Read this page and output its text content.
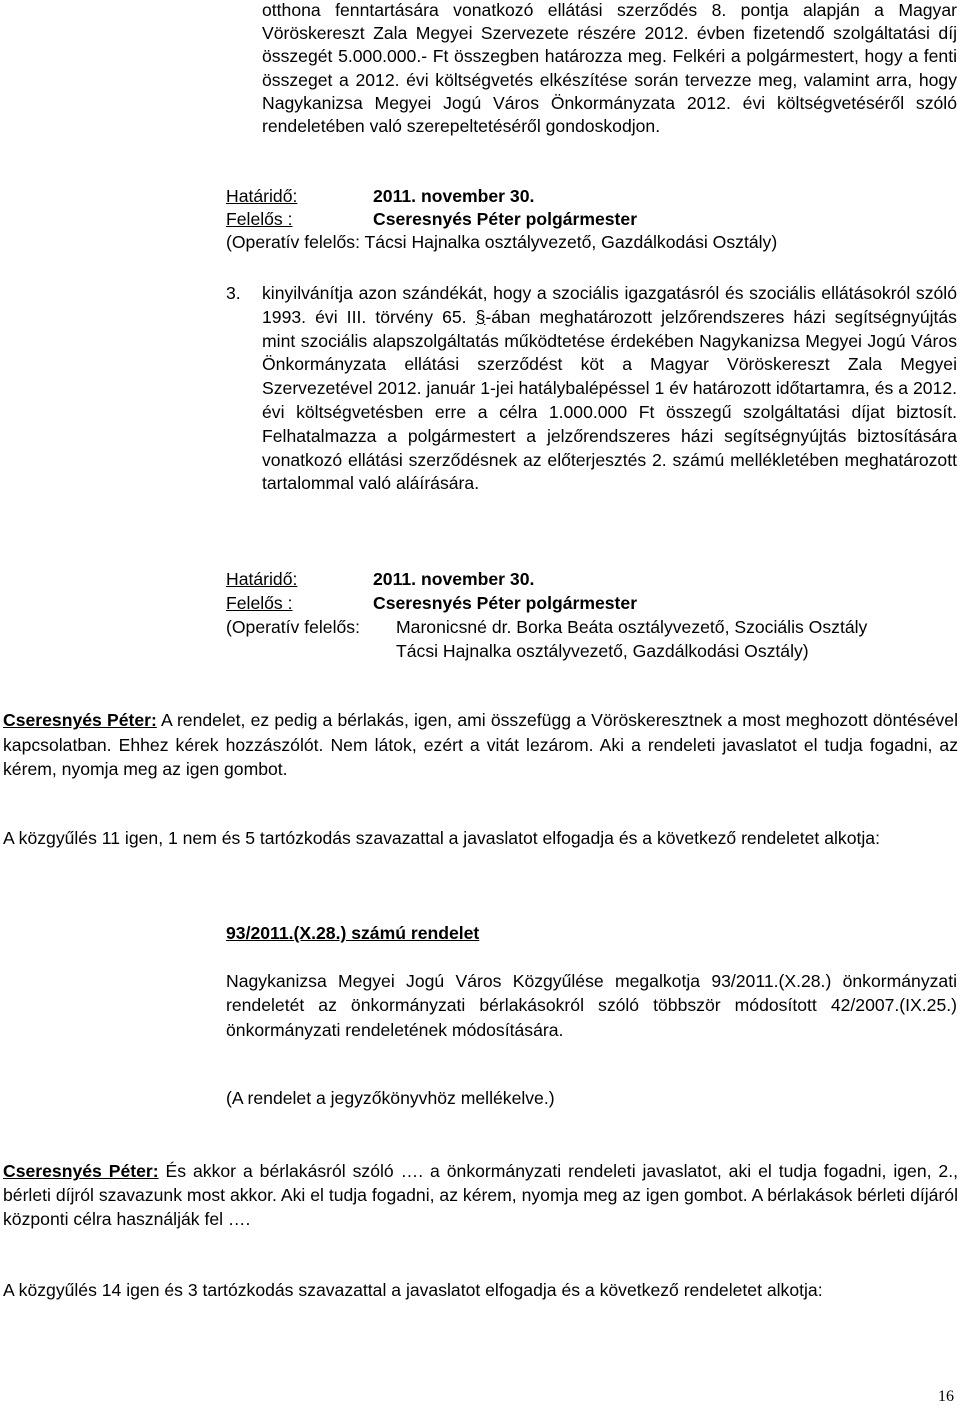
otthona fenntartására vonatkozó ellátási szerződés 8. pontja alapján a Magyar Vöröskereszt Zala Megyei Szervezete részére 2012. évben fizetendő szolgáltatási díj összegét 5.000.000.- Ft összegben határozza meg. Felkéri a polgármestert, hogy a fenti összeget a 2012. évi költségvetés elkészítése során tervezze meg, valamint arra, hogy Nagykanizsa Megyei Jogú Város Önkormányzata 2012. évi költségvetéséről szóló rendeletében való szerepeltetéséről gondoskodjon.
Határidő:	2011. november 30.
Felelős :	Cseresnyés Péter polgármester
(Operatív felelős: Tácsi Hajnalka osztályvezető, Gazdálkodási Osztály)
3. kinyilvánítja azon szándékát, hogy a szociális igazgatásról és szociális ellátásokról szóló 1993. évi III. törvény 65. §-ában meghatározott jelzőrendszeres házi segítségnyújtás mint szociális alapszolgáltatás működtetése érdekében Nagykanizsa Megyei Jogú Város Önkormányzata ellátási szerződést köt a Magyar Vöröskereszt Zala Megyei Szervezetével 2012. január 1-jei hatálybalépéssel 1 év határozott időtartamra, és a 2012. évi költségvetésben erre a célra 1.000.000 Ft összegű szolgáltatási díjat biztosít. Felhatalmazza a polgármestert a jelzőrendszeres házi segítségnyújtás biztosítására vonatkozó ellátási szerződésnek az előterjesztés 2. számú mellékletében meghatározott tartalommal való aláírására.
Határidő:	2011. november 30.
Felelős :	Cseresnyés Péter polgármester
(Operatív felelős:	Maronicsné dr. Borka Beáta osztályvezető, Szociális Osztály
Tácsi Hajnalka osztályvezető, Gazdálkodási Osztály)
Cseresnyés Péter: A rendelet, ez pedig a bérlakás, igen, ami összefügg a Vöröskeresztnek a most meghozott döntésével kapcsolatban. Ehhez kérek hozzászólót. Nem látok, ezért a vitát lezárom. Aki a rendeleti javaslatot el tudja fogadni, az kérem, nyomja meg az igen gombot.
A közgyűlés 11 igen, 1 nem és 5 tartózkodás szavazattal a javaslatot elfogadja és a következő rendeletet alkotja:
93/2011.(X.28.) számú rendelet
Nagykanizsa Megyei Jogú Város Közgyűlése megalkotja 93/2011.(X.28.) önkormányzati rendeletét az önkormányzati bérlakásokról szóló többször módosított 42/2007.(IX.25.) önkormányzati rendeletének módosítására.
(A rendelet a jegyzőkönyvhöz mellékelve.)
Cseresnyés Péter: És akkor a bérlakásról szóló …. a önkormányzati rendeleti javaslatot, aki el tudja fogadni, igen, 2., bérleti díjról szavazunk most akkor. Aki el tudja fogadni, az kérem, nyomja meg az igen gombot. A bérlakások bérleti díjáról központi célra használják fel ….
A közgyűlés 14 igen és 3 tartózkodás szavazattal a javaslatot elfogadja és a következő rendeletet alkotja:
16
